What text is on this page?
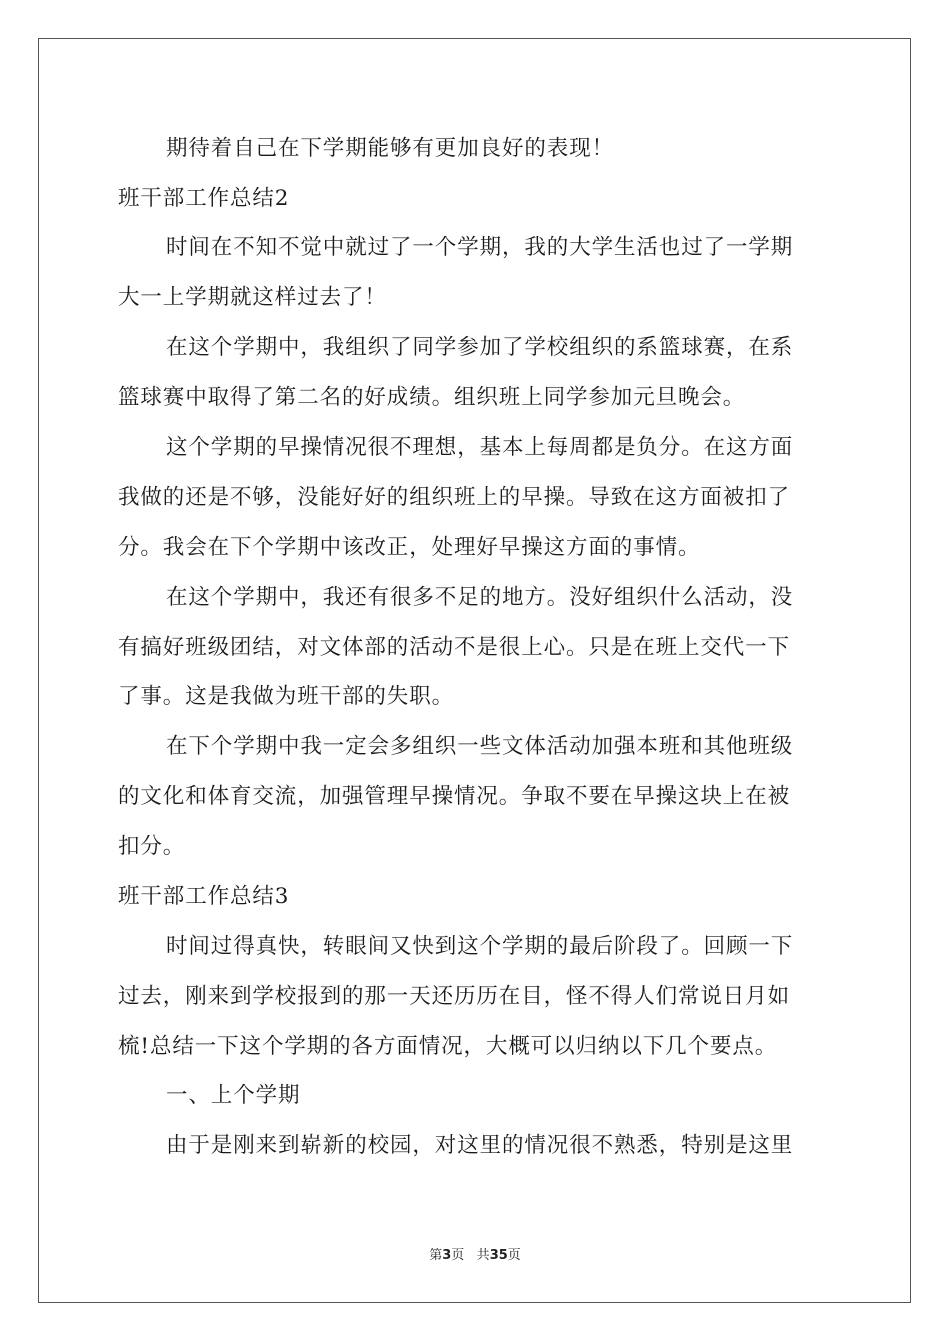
期待着自己在下学期能够有更加良好的表现！
班干部工作总结2
时间在不知不觉中就过了一个学期，我的大学生活也过了一学期
大一上学期就这样过去了！
在这个学期中，我组织了同学参加了学校组织的系篮球赛，在系
篮球赛中取得了第二名的好成绩。组织班上同学参加元旦晚会。
这个学期的早操情况很不理想，基本上每周都是负分。在这方面
我做的还是不够，没能好好的组织班上的早操。导致在这方面被扣了
分。我会在下个学期中该改正，处理好早操这方面的事情。
在这个学期中，我还有很多不足的地方。没好组织什么活动，没
有搞好班级团结，对文体部的活动不是很上心。只是在班上交代一下
了事。这是我做为班干部的失职。
在下个学期中我一定会多组织一些文体活动加强本班和其他班级
的文化和体育交流，加强管理早操情况。争取不要在早操这块上在被
扣分。
班干部工作总结3
时间过得真快，转眼间又快到这个学期的最后阶段了。回顾一下
过去，刚来到学校报到的那一天还历历在目，怪不得人们常说日月如
梳!总结一下这个学期的各方面情况，大概可以归纳以下几个要点。
一、上个学期
由于是刚来到崭新的校园，对这里的情况很不熟悉，特别是这里
第3页 共35页
